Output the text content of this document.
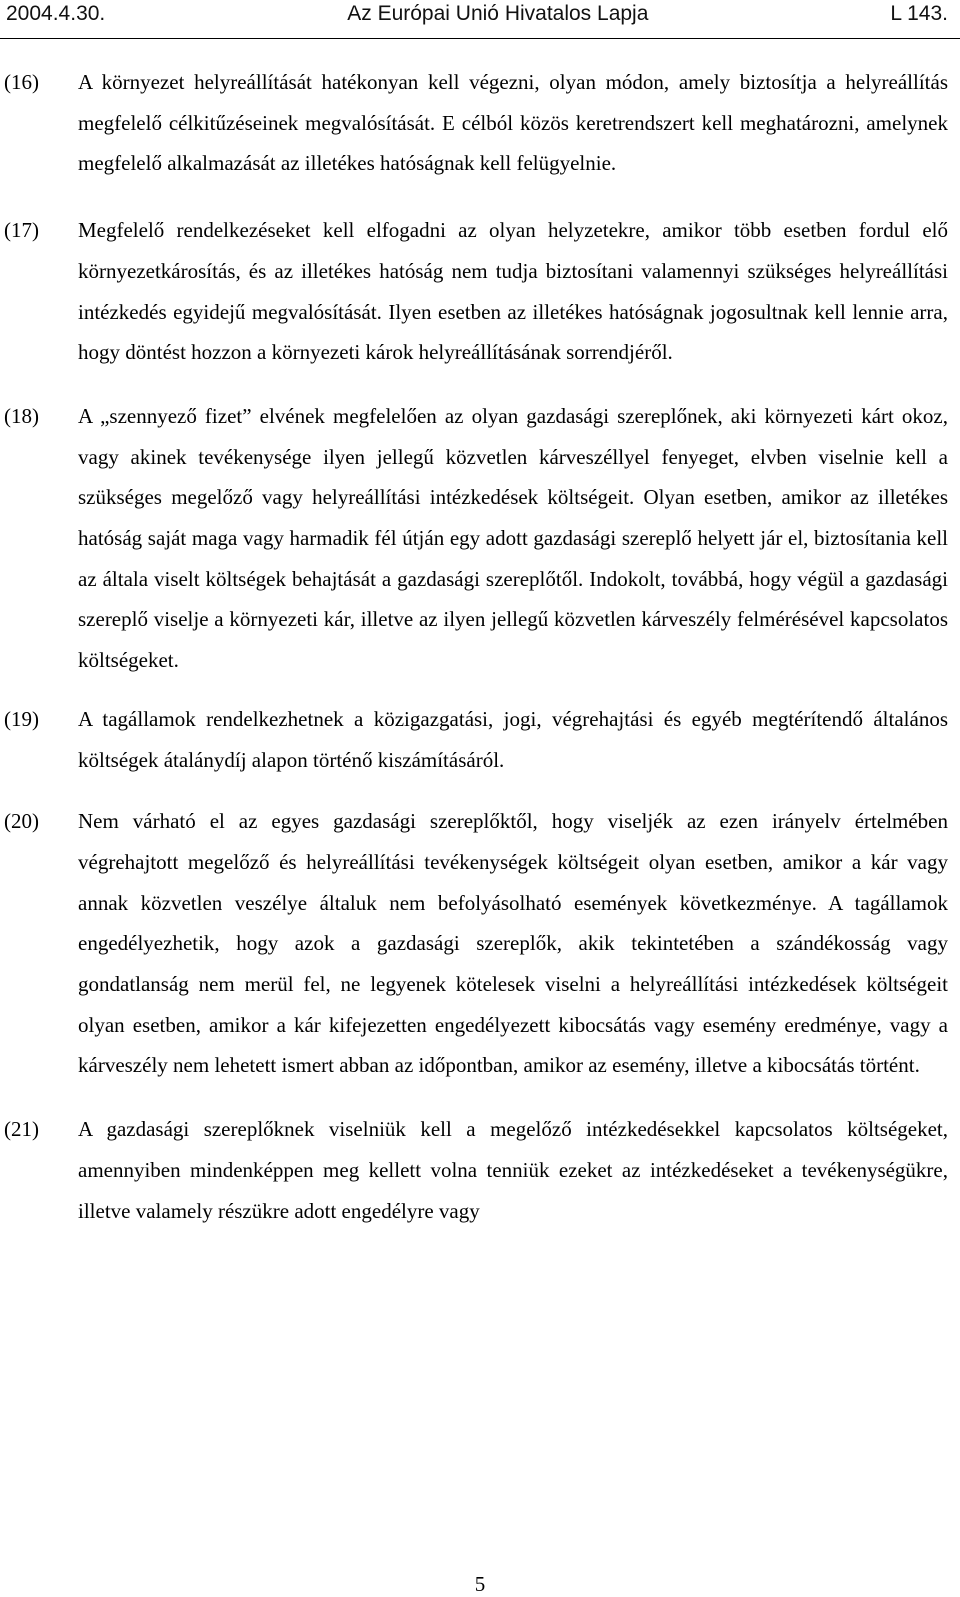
2004.4.30.	Az Európai Unió Hivatalos Lapja	L 143.
(16)	A környezet helyreállítását hatékonyan kell végezni, olyan módon, amely biztosítja a helyreállítás megfelelő célkitűzéseinek megvalósítását. E célból közös keretrendszert kell meghatározni, amelynek megfelelő alkalmazását az illetékes hatóságnak kell felügyelnie.
(17)	Megfelelő rendelkezéseket kell elfogadni az olyan helyzetekre, amikor több esetben fordul elő környezetkárosítás, és az illetékes hatóság nem tudja biztosítani valamennyi szükséges helyreállítási intézkedés egyidejű megvalósítását. Ilyen esetben az illetékes hatóságnak jogosultnak kell lennie arra, hogy döntést hozzon a környezeti károk helyreállításának sorrendjéről.
(18)	A „szennyező fizet” elvének megfelelően az olyan gazdasági szereplőnek, aki környezeti kárt okoz, vagy akinek tevékenysége ilyen jellegű közvetlen kárveszéllyel fenyeget, elvben viselnie kell a szükséges megelőző vagy helyreállítási intézkedések költségeit. Olyan esetben, amikor az illetékes hatóság saját maga vagy harmadik fél útján egy adott gazdasági szereplő helyett jár el, biztosítania kell az általa viselt költségek behajtását a gazdasági szereplőtől. Indokolt, továbbá, hogy végül a gazdasági szereplő viselje a környezeti kár, illetve az ilyen jellegű közvetlen kárveszély felmérésével kapcsolatos költségeket.
(19)	A tagállamok rendelkezhetnek a közigazgatási, jogi, végrehajtási és egyéb megtérítendő általános költségek átalánydíj alapon történő kiszámításáról.
(20)	Nem várható el az egyes gazdasági szereplőktől, hogy viseljék az ezen irányelv értelmében végrehajtott megelőző és helyreállítási tevékenységek költségeit olyan esetben, amikor a kár vagy annak közvetlen veszélye általuk nem befolyásolható események következménye. A tagállamok engedélyezhetik, hogy azok a gazdasági szereplők, akik tekintetében a szándékosság vagy gondatlanság nem merül fel, ne legyenek kötelesek viselni a helyreállítási intézkedések költségeit olyan esetben, amikor a kár kifejezetten engedélyezett kibocsátás vagy esemény eredménye, vagy a kárveszély nem lehetett ismert abban az időpontban, amikor az esemény, illetve a kibocsátás történt.
(21)	A gazdasági szereplőknek viselniük kell a megelőző intézkedésekkel kapcsolatos költségeket, amennyiben mindenképpen meg kellett volna tenniük ezeket az intézkedéseket a tevékenységükre, illetve valamely részükre adott engedélyre vagy
5
